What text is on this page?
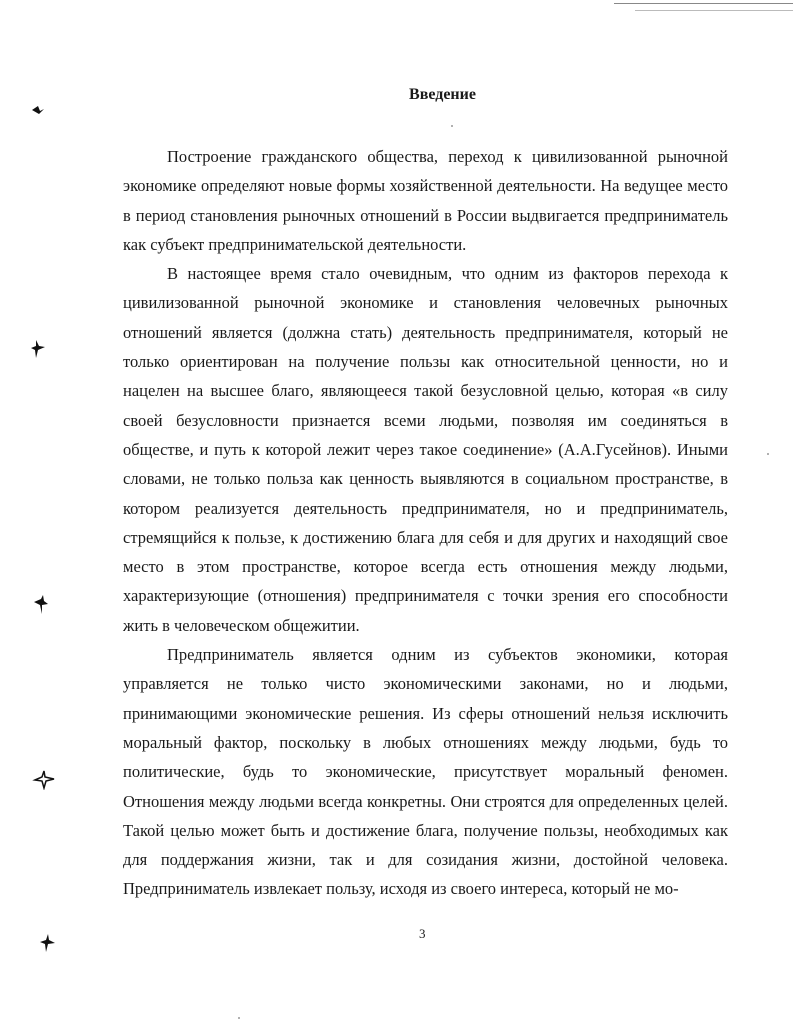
Введение

Построение гражданского общества, переход к цивилизованной рыночной экономике определяют новые формы хозяйственной деятельности. На ведущее место в период становления рыночных отношений в России выдвигается предприниматель как субъект предпринимательской деятельности.

В настоящее время стало очевидным, что одним из факторов перехода к цивилизованной рыночной экономике и становления человечных рыночных отношений является (должна стать) деятельность предпринимателя, который не только ориентирован на получение пользы как относительной ценности, но и нацелен на высшее благо, являющееся такой безусловной целью, которая «в силу своей безусловности признается всеми людьми, позволяя им соединяться в обществе, и путь к которой лежит через такое соединение» (А.А.Гусейнов). Иными словами, не только польза как ценность выявляются в социальном пространстве, в котором реализуется деятельность предпринимателя, но и предприниматель, стремящийся к пользе, к достижению блага для себя и для других и находящий свое место в этом пространстве, которое всегда есть отношения между людьми, характеризующие (отношения) предпринимателя с точки зрения его способности жить в человеческом общежитии.

Предприниматель является одним из субъектов экономики, которая управляется не только чисто экономическими законами, но и людьми, принимающими экономические решения. Из сферы отношений нельзя исключить моральный фактор, поскольку в любых отношениях между людьми, будь то политические, будь то экономические, присутствует моральный феномен. Отношения между людьми всегда конкретны. Они строятся для определенных целей. Такой целью может быть и достижение блага, получение пользы, необходимых как для поддержания жизни, так и для созидания жизни, достойной человека. Предприниматель извлекает пользу, исходя из своего интереса, который не мо-

3
